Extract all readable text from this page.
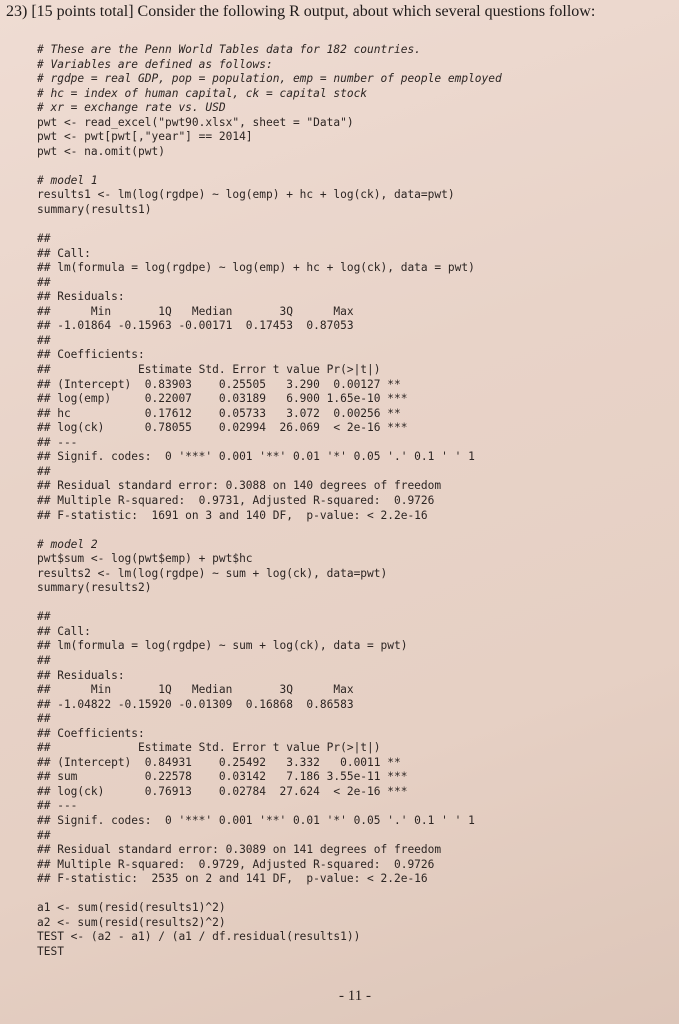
23) [15 points total] Consider the following R output, about which several questions follow:
# These are the Penn World Tables data for 182 countries.
# Variables are defined as follows:
# rgdpe = real GDP, pop = population, emp = number of people employed
# hc = index of human capital, ck = capital stock
# xr = exchange rate vs. USD
pwt <- read_excel("pwt90.xlsx", sheet = "Data")
pwt <- pwt[pwt[,"year"] == 2014]
pwt <- na.omit(pwt)
# model 1
results1 <- lm(log(rgdpe) ~ log(emp) + hc + log(ck), data=pwt)
summary(results1)
##
## Call:
## lm(formula = log(rgdpe) ~ log(emp) + hc + log(ck), data = pwt)
##
## Residuals:
##      Min       1Q   Median       3Q      Max
## -1.01864 -0.15963 -0.00171  0.17453  0.87053
##
## Coefficients:
##             Estimate Std. Error t value Pr(>|t|)
## (Intercept)  0.83903    0.25505   3.290  0.00127 **
## log(emp)     0.22007    0.03189   6.900 1.65e-10 ***
## hc           0.17612    0.05733   3.072  0.00256 **
## log(ck)      0.78055    0.02994  26.069  < 2e-16 ***
## ---
## Signif. codes:  0 '***' 0.001 '**' 0.01 '*' 0.05 '.' 0.1 ' ' 1
##
## Residual standard error: 0.3088 on 140 degrees of freedom
## Multiple R-squared:  0.9731, Adjusted R-squared:  0.9726
## F-statistic:  1691 on 3 and 140 DF,  p-value: < 2.2e-16
# model 2
pwt$sum <- log(pwt$emp) + pwt$hc
results2 <- lm(log(rgdpe) ~ sum + log(ck), data=pwt)
summary(results2)
##
## Call:
## lm(formula = log(rgdpe) ~ sum + log(ck), data = pwt)
##
## Residuals:
##      Min       1Q   Median       3Q      Max
## -1.04822 -0.15920 -0.01309  0.16868  0.86583
##
## Coefficients:
##             Estimate Std. Error t value Pr(>|t|)
## (Intercept)  0.84931    0.25492   3.332   0.0011 **
## sum          0.22578    0.03142   7.186 3.55e-11 ***
## log(ck)      0.76913    0.02784  27.624  < 2e-16 ***
## ---
## Signif. codes:  0 '***' 0.001 '**' 0.01 '*' 0.05 '.' 0.1 ' ' 1
##
## Residual standard error: 0.3089 on 141 degrees of freedom
## Multiple R-squared:  0.9729, Adjusted R-squared:  0.9726
## F-statistic:  2535 on 2 and 141 DF,  p-value: < 2.2e-16
a1 <- sum(resid(results1)^2)
a2 <- sum(resid(results2)^2)
TEST <- (a2 - a1) / (a1 / df.residual(results1))
TEST
- 11 -
